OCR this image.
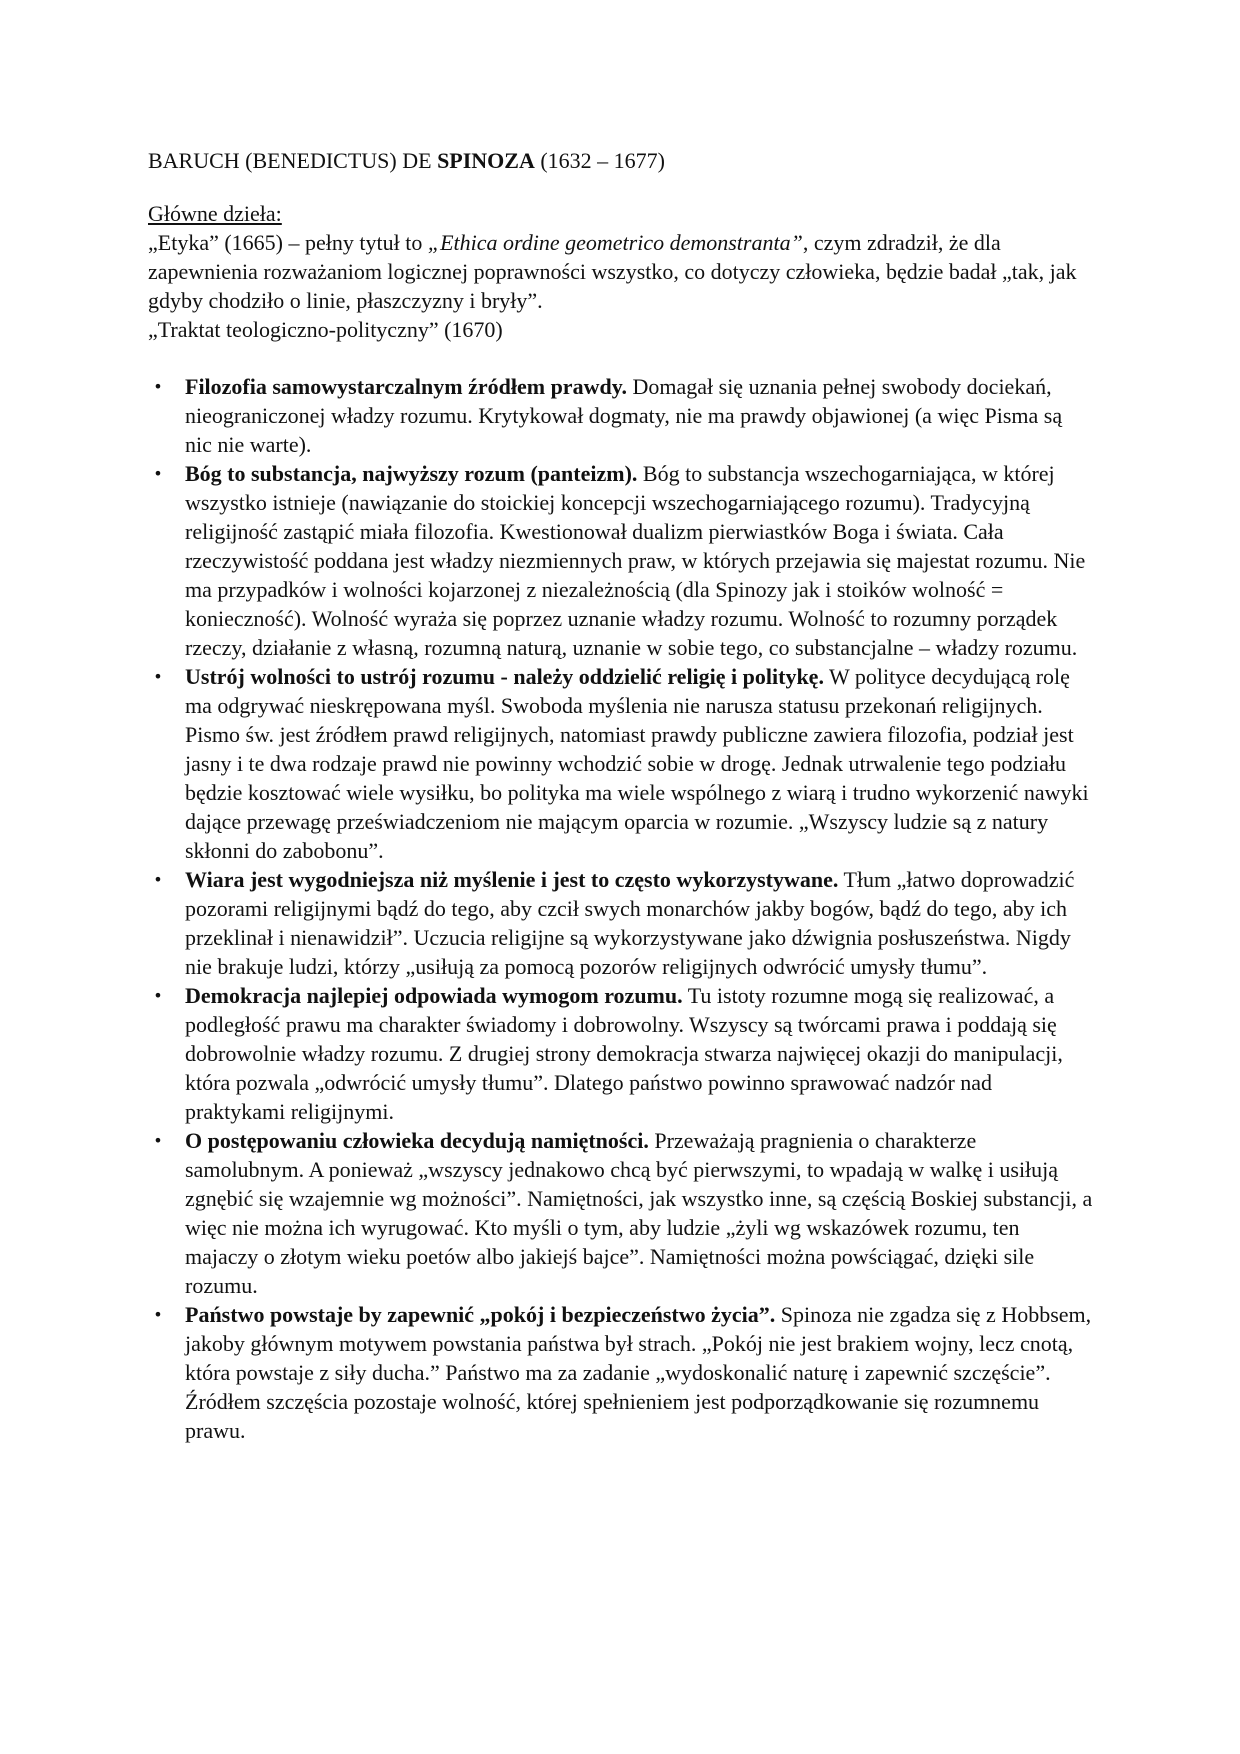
BARUCH (BENEDICTUS) DE SPINOZA (1632 – 1677)

Główne dzieła:

„Etyka” (1665) – pełny tytuł to „Ethica ordine geometrico demonstranta”, czym zdradził, że dla zapewnienia rozważaniom logicznej poprawności wszystko, co dotyczy człowieka, będzie badał „tak, jak gdyby chodziło o linie, płaszczyzny i bryły”.

„Traktat teologiczno-polityczny” (1670)

• Filozofia samowystarczalnym źródłem prawdy. Domagał się uznania pełnej swobody dociekań, nieograniczonej władzy rozumu. Krytykował dogmaty, nie ma prawdy objawionej (a więc Pisma są nic nie warte).
• Bóg to substancja, najwyższy rozum (panteizm). Bóg to substancja wszechogarniająca, w której wszystko istnieje (nawiązanie do stoickiej koncepcji wszechogarniającego rozumu). Tradycyjną religijność zastąpić miała filozofia. Kwestionował dualizm pierwiastków Boga i świata. Cała rzeczywistość poddana jest władzy niezmiennych praw, w których przejawia się majestat rozumu. Nie ma przypadków i wolności kojarzonej z niezależnością (dla Spinozy jak i stoików wolność = konieczność). Wolność wyraża się poprzez uznanie władzy rozumu. Wolność to rozumny porządek rzeczy, działanie z własną, rozumną naturą, uznanie w sobie tego, co substancjalne – władzy rozumu.
• Ustrój wolności to ustrój rozumu - należy oddzielić religię i politykę. W polityce decydującą rolę ma odgrywać nieskrępowana myśl. Swoboda myślenia nie narusza statusu przekonań religijnych. Pismo św. jest źródłem prawd religijnych, natomiast prawdy publiczne zawiera filozofia, podział jest jasny i te dwa rodzaje prawd nie powinny wchodzić sobie w drogę. Jednak utrwalenie tego podziału będzie kosztować wiele wysiłku, bo polityka ma wiele wspólnego z wiarą i trudno wykorzenić nawyki dające przewagę przeświadczeniom nie mającym oparcia w rozumie. „Wszyscy ludzie są z natury skłonni do zabobonu”.
• Wiara jest wygodniejsza niż myślenie i jest to często wykorzystywane. Tłum „łatwo doprowadzić pozorami religijnymi bądź do tego, aby czcił swych monarchów jakby bogów, bądź do tego, aby ich przeklinał i nienawidził”. Uczucia religijne są wykorzystywane jako dźwignia posłuszeństwa. Nigdy nie brakuje ludzi, którzy „usiłują za pomocą pozorów religijnych odwrócić umysły tłumu”.
• Demokracja najlepiej odpowiada wymogom rozumu. Tu istoty rozumne mogą się realizować, a podległość prawu ma charakter świadomy i dobrowolny. Wszyscy są twórcami prawa i poddają się dobrowolnie władzy rozumu. Z drugiej strony demokracja stwarza najwięcej okazji do manipulacji, która pozwala „odwrócić umysły tłumu”. Dlatego państwo powinno sprawować nadzór nad praktykami religijnymi.
• O postępowaniu człowieka decydują namiętności. Przeważają pragnienia o charakterze samolubnym. A ponieważ „wszyscy jednakowo chcą być pierwszymi, to wpadają w walkę i usiłują zgnębić się wzajemnie wg możności”. Namiętności, jak wszystko inne, są częścią Boskiej substancji, a więc nie można ich wyrugować. Kto myśli o tym, aby ludzie „żyli wg wskazówek rozumu, ten majaczy o złotym wieku poetów albo jakiejś bajce”. Namiętności można powściągać, dzięki sile rozumu.
• Państwo powstaje by zapewnić „pokój i bezpieczeństwo życia”. Spinoza nie zgadza się z Hobbsem, jakoby głównym motywem powstania państwa był strach. „Pokój nie jest brakiem wojny, lecz cnotą, która powstaje z siły ducha.” Państwo ma za zadanie „wydoskonalić naturę i zapewnić szczęście”. Źródłem szczęścia pozostaje wolność, której spełnieniem jest podporządkowanie się rozumnemu prawu.
